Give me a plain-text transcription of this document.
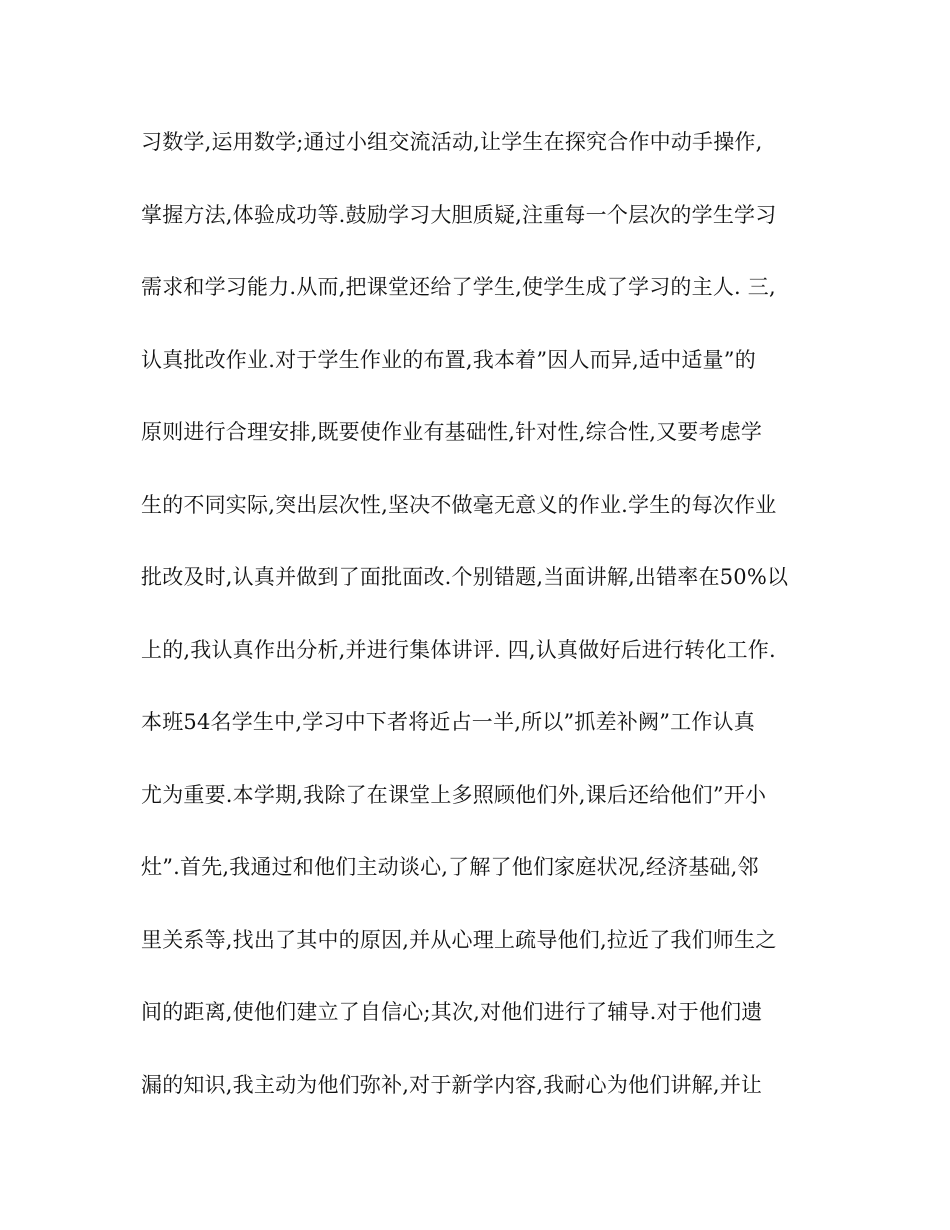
习数学,运用数学;通过小组交流活动,让学生在探究合作中动手操作,
掌握方法,体验成功等.鼓励学习大胆质疑,注重每一个层次的学生学习
需求和学习能力.从而,把课堂还给了学生,使学生成了学习的主人. 三,
认真批改作业.对于学生作业的布置,我本着”因人而异,适中适量”的
原则进行合理安排,既要使作业有基础性,针对性,综合性,又要考虑学
生的不同实际,突出层次性,坚决不做毫无意义的作业.学生的每次作业
批改及时,认真并做到了面批面改.个别错题,当面讲解,出错率在50%以
上的,我认真作出分析,并进行集体讲评. 四,认真做好后进行转化工作.
本班54名学生中,学习中下者将近占一半,所以”抓差补阙”工作认真
尤为重要.本学期,我除了在课堂上多照顾他们外,课后还给他们”开小
灶”.首先,我通过和他们主动谈心,了解了他们家庭状况,经济基础,邻
里关系等,找出了其中的原因,并从心理上疏导他们,拉近了我们师生之
间的距离,使他们建立了自信心;其次,对他们进行了辅导.对于他们遗
漏的知识,我主动为他们弥补,对于新学内容,我耐心为他们讲解,并让
